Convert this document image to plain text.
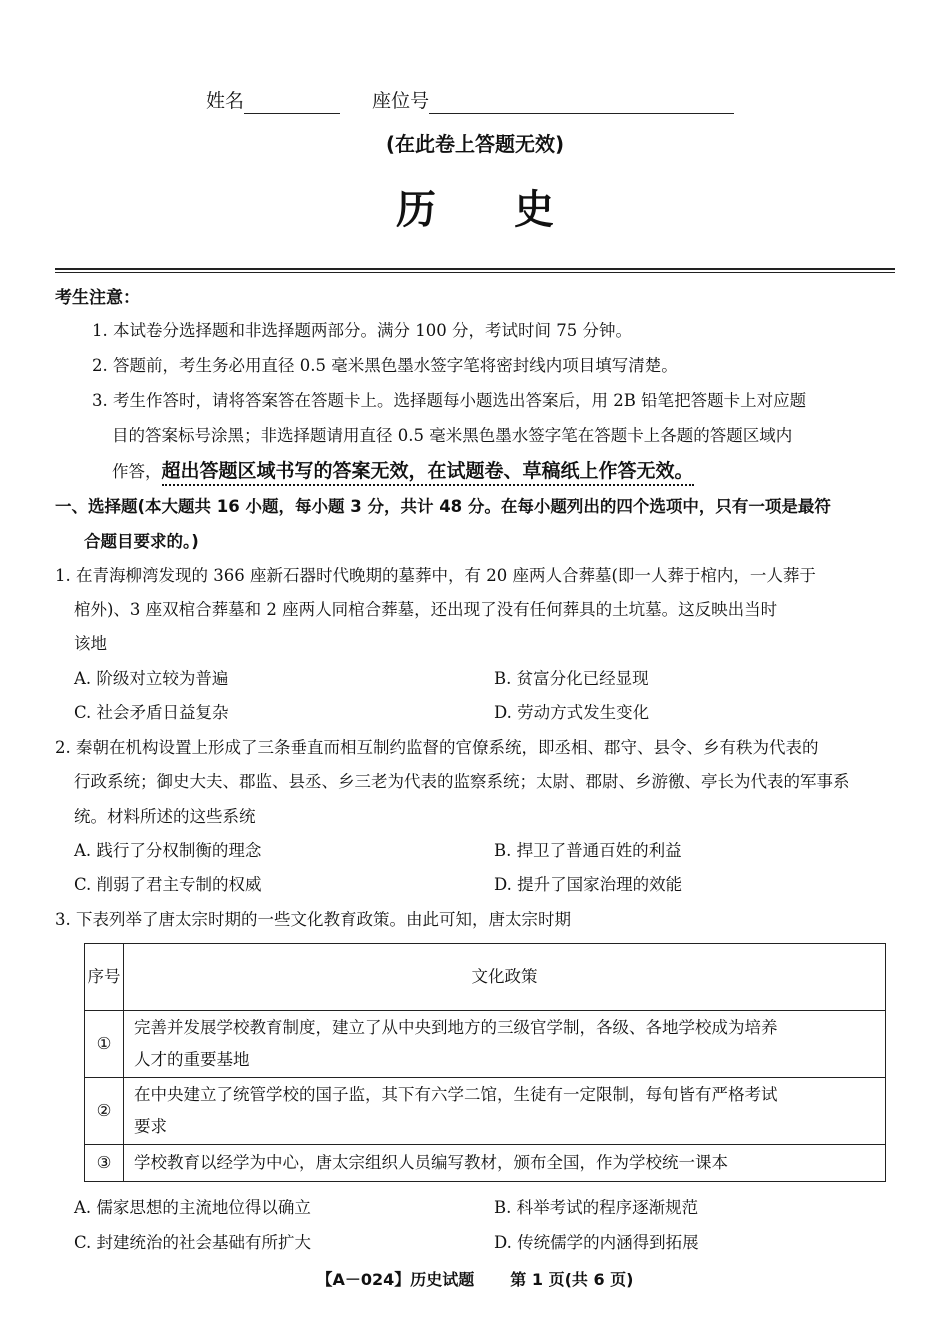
姓名	座位号
(在此卷上答题无效)
历史
考生注意：
1. 本试卷分选择题和非选择题两部分。满分 100 分，考试时间 75 分钟。
2. 答题前，考生务必用直径 0.5 毫米黑色墨水签字笔将密封线内项目填写清楚。
3. 考生作答时，请将答案答在答题卡上。选择题每小题选出答案后，用 2B 铅笔把答题卡上对应题
目的答案标号涂黑；非选择题请用直径 0.5 毫米黑色墨水签字笔在答题卡上各题的答题区域内
作答，超出答题区域书写的答案无效，在试题卷、草稿纸上作答无效。
一、选择题(本大题共 16 小题，每小题 3 分，共计 48 分。在每小题列出的四个选项中，只有一项是最符
合题目要求的。)
1. 在青海柳湾发现的 366 座新石器时代晚期的墓葬中，有 20 座两人合葬墓(即一人葬于棺内，一人葬于
棺外)、3 座双棺合葬墓和 2 座两人同棺合葬墓，还出现了没有任何葬具的土坑墓。这反映出当时
该地
A. 阶级对立较为普遍	B. 贫富分化已经显现
C. 社会矛盾日益复杂	D. 劳动方式发生变化
2. 秦朝在机构设置上形成了三条垂直而相互制约监督的官僚系统，即丞相、郡守、县令、乡有秩为代表的
行政系统；御史大夫、郡监、县丞、乡三老为代表的监察系统；太尉、郡尉、乡游徼、亭长为代表的军事系
统。材料所述的这些系统
A. 践行了分权制衡的理念	B. 捍卫了普通百姓的利益
C. 削弱了君主专制的权威	D. 提升了国家治理的效能
3. 下表列举了唐太宗时期的一些文化教育政策。由此可知，唐太宗时期
序号	文化政策
①	完善并发展学校教育制度，建立了从中央到地方的三级官学制，各级、各地学校成为培养
人才的重要基地

②	在中央建立了统管学校的国子监，其下有六学二馆，生徒有一定限制，每旬皆有严格考试
要求

③	学校教育以经学为中心，唐太宗组织人员编写教材，颁布全国，作为学校统一课本
A. 儒家思想的主流地位得以确立	B. 科举考试的程序逐渐规范
C. 封建统治的社会基础有所扩大	D. 传统儒学的内涵得到拓展
【A－024】历史试题 第 1 页(共 6 页)
